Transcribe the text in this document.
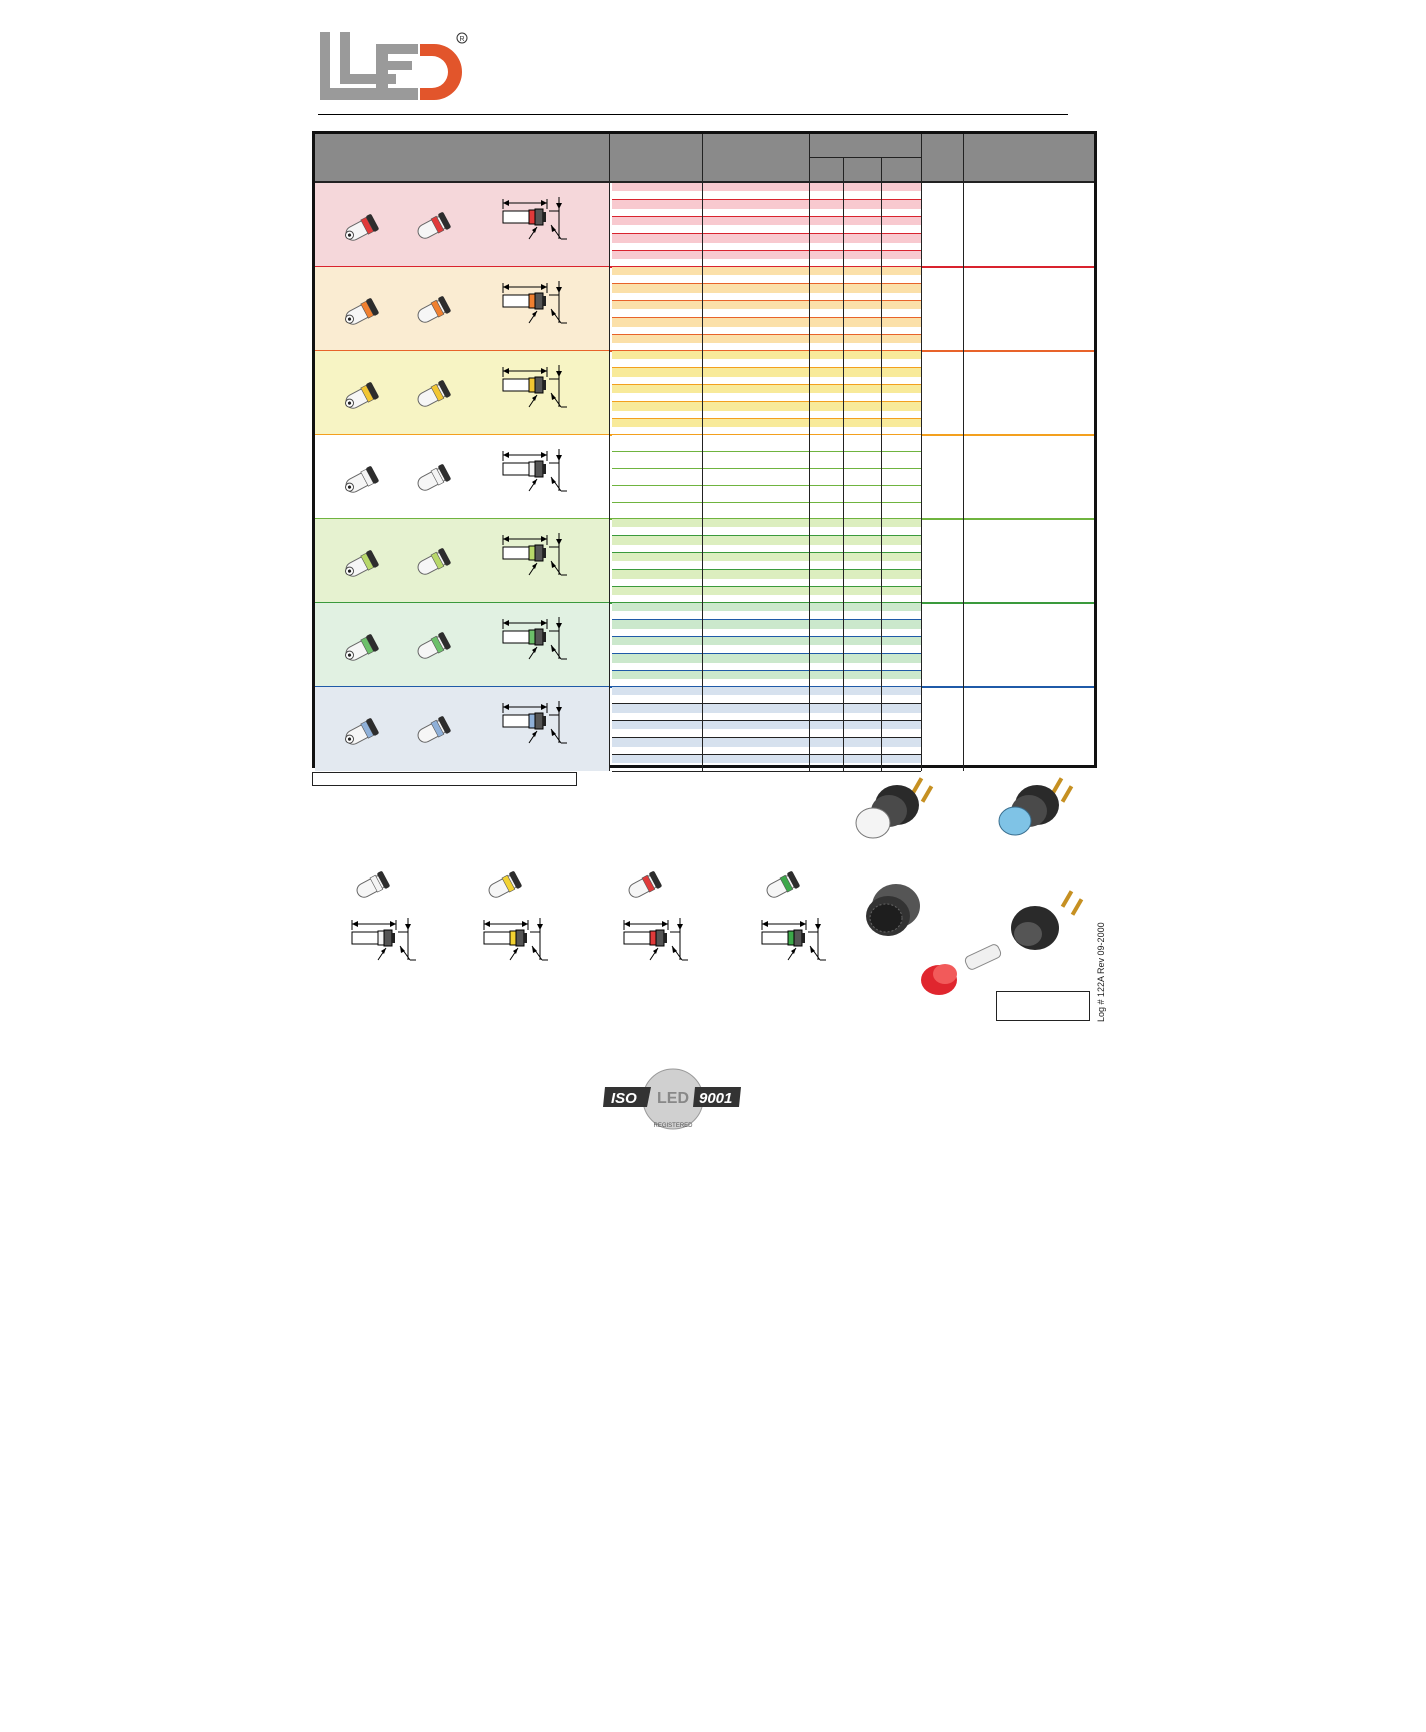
R
Log # 122A Rev 09-2000
ISO	9001
LED
REGISTERED
